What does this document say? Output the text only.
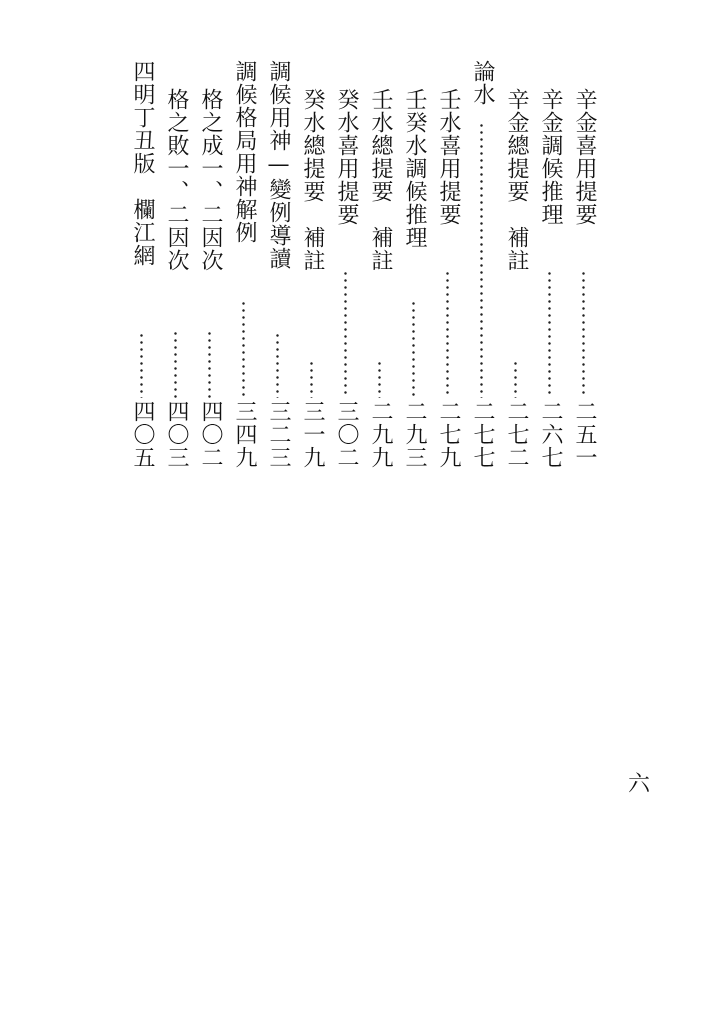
辛金喜用提要
二五一
辛金調候推理
二六七
辛金總提要　補註
二七二
論水
二七七
壬水喜用提要
二七九
壬癸水調候推理
二九三
壬水總提要　補註
二九九
癸水喜用提要
三〇二
癸水總提要　補註
三一九
調候用神—變例導讀
三二三
調候格局用神解例
三四九
格之成一、二因次
四〇二
格之敗一、二因次
四〇三
四明丁丑版　欄江網
四〇五
六
